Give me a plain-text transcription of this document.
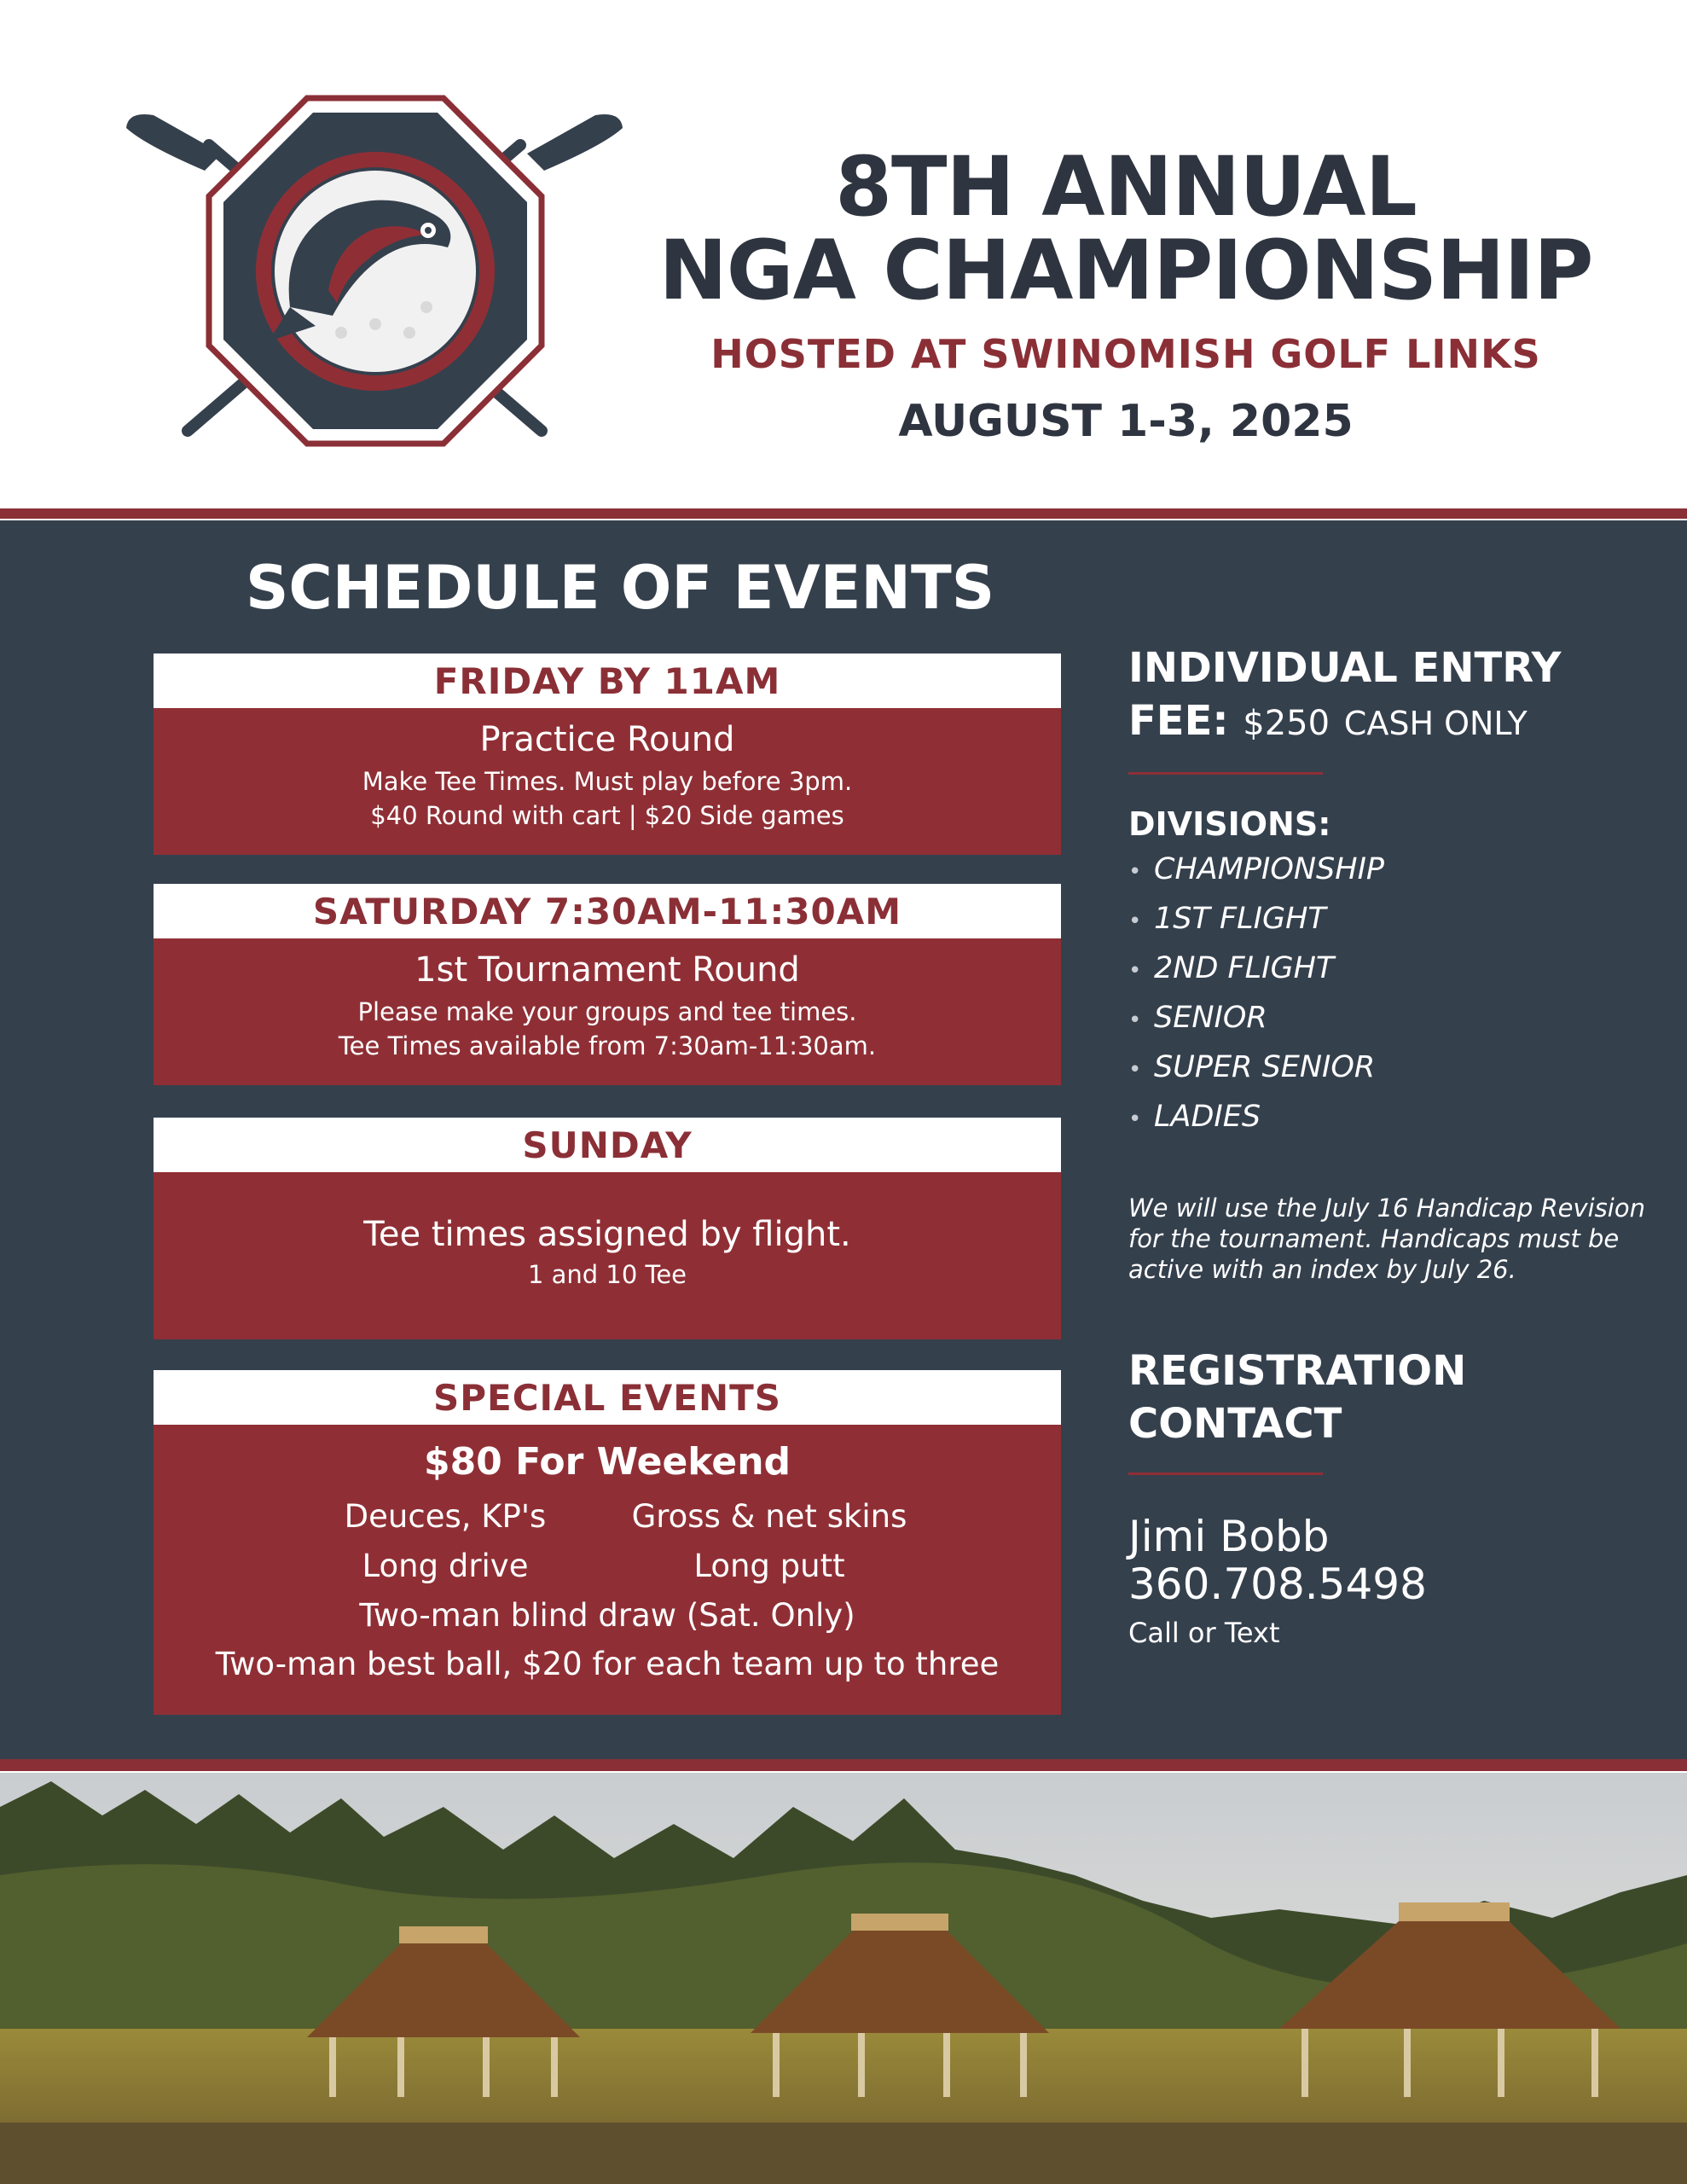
8TH ANNUAL
NGA CHAMPIONSHIP
HOSTED AT SWINOMISH GOLF LINKS
AUGUST 1-3, 2025
SCHEDULE OF EVENTS
FRIDAY BY 11AM
Practice Round
Make Tee Times. Must play before 3pm.
$40 Round with cart | $20 Side games
SATURDAY 7:30AM-11:30AM
1st Tournament Round
Please make your groups and tee times.
Tee Times available from 7:30am-11:30am.
SUNDAY
Tee times assigned by flight.
1 and 10 Tee
SPECIAL EVENTS
$80 For Weekend
Deuces, KP's	Gross & net skins
Long drive	Long putt
Two-man blind draw (Sat. Only)
Two-man best ball, $20 for each team up to three
INDIVIDUAL ENTRY
FEE: $250 CASH ONLY
DIVISIONS:
• CHAMPIONSHIP
• 1ST FLIGHT
• 2ND FLIGHT
• SENIOR
• SUPER SENIOR
• LADIES
We will use the July 16 Handicap Revision for the tournament. Handicaps must be active with an index by July 26.
REGISTRATION
CONTACT
Jimi Bobb
360.708.5498
Call or Text
